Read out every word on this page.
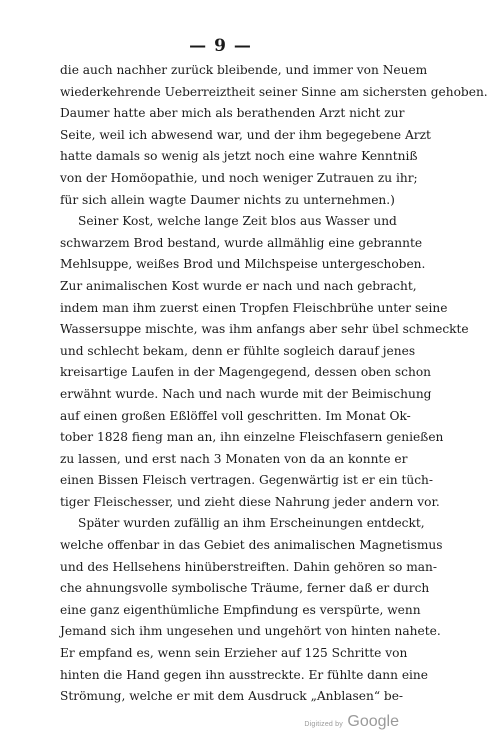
— 9 —
die auch nachher zurück bleibende, und immer von Neuem
wiederkehrende Ueberreiztheit seiner Sinne am sichersten gehoben.
Daumer hatte aber mich als berathenden Arzt nicht zur
Seite, weil ich abwesend war, und der ihm begegebene Arzt
hatte damals so wenig als jetzt noch eine wahre Kenntniß
von der Homöopathie, und noch weniger Zutrauen zu ihr;
für sich allein wagte Daumer nichts zu unternehmen.)
Seiner Kost, welche lange Zeit blos aus Wasser und
schwarzem Brod bestand, wurde allmählig eine gebrannte
Mehlsuppe, weißes Brod und Milchspeise untergeschoben.
Zur animalischen Kost wurde er nach und nach gebracht,
indem man ihm zuerst einen Tropfen Fleischbrühe unter seine
Wassersuppe mischte, was ihm anfangs aber sehr übel schmeckte
und schlecht bekam, denn er fühlte sogleich darauf jenes
kreisartige Laufen in der Magengegend, dessen oben schon
erwähnt wurde. Nach und nach wurde mit der Beimischung
auf einen großen Eßlöffel voll geschritten. Im Monat Ok-
tober 1828 fieng man an, ihn einzelne Fleischfasern genießen
zu lassen, und erst nach 3 Monaten von da an konnte er
einen Bissen Fleisch vertragen. Gegenwärtig ist er ein tüch-
tiger Fleischesser, und zieht diese Nahrung jeder andern vor.
Später wurden zufällig an ihm Erscheinungen entdeckt,
welche offenbar in das Gebiet des animalischen Magnetismus
und des Hellsehens hinüberstreiften. Dahin gehören so man-
che ahnungsvolle symbolische Träume, ferner daß er durch
eine ganz eigenthümliche Empfindung es verspürte, wenn
Jemand sich ihm ungesehen und ungehört von hinten nahete.
Er empfand es, wenn sein Erzieher auf 125 Schritte von
hinten die Hand gegen ihn ausstreckte. Er fühlte dann eine
Strömung, welche er mit dem Ausdruck „Anblasen“ be-
Digitized by Google
